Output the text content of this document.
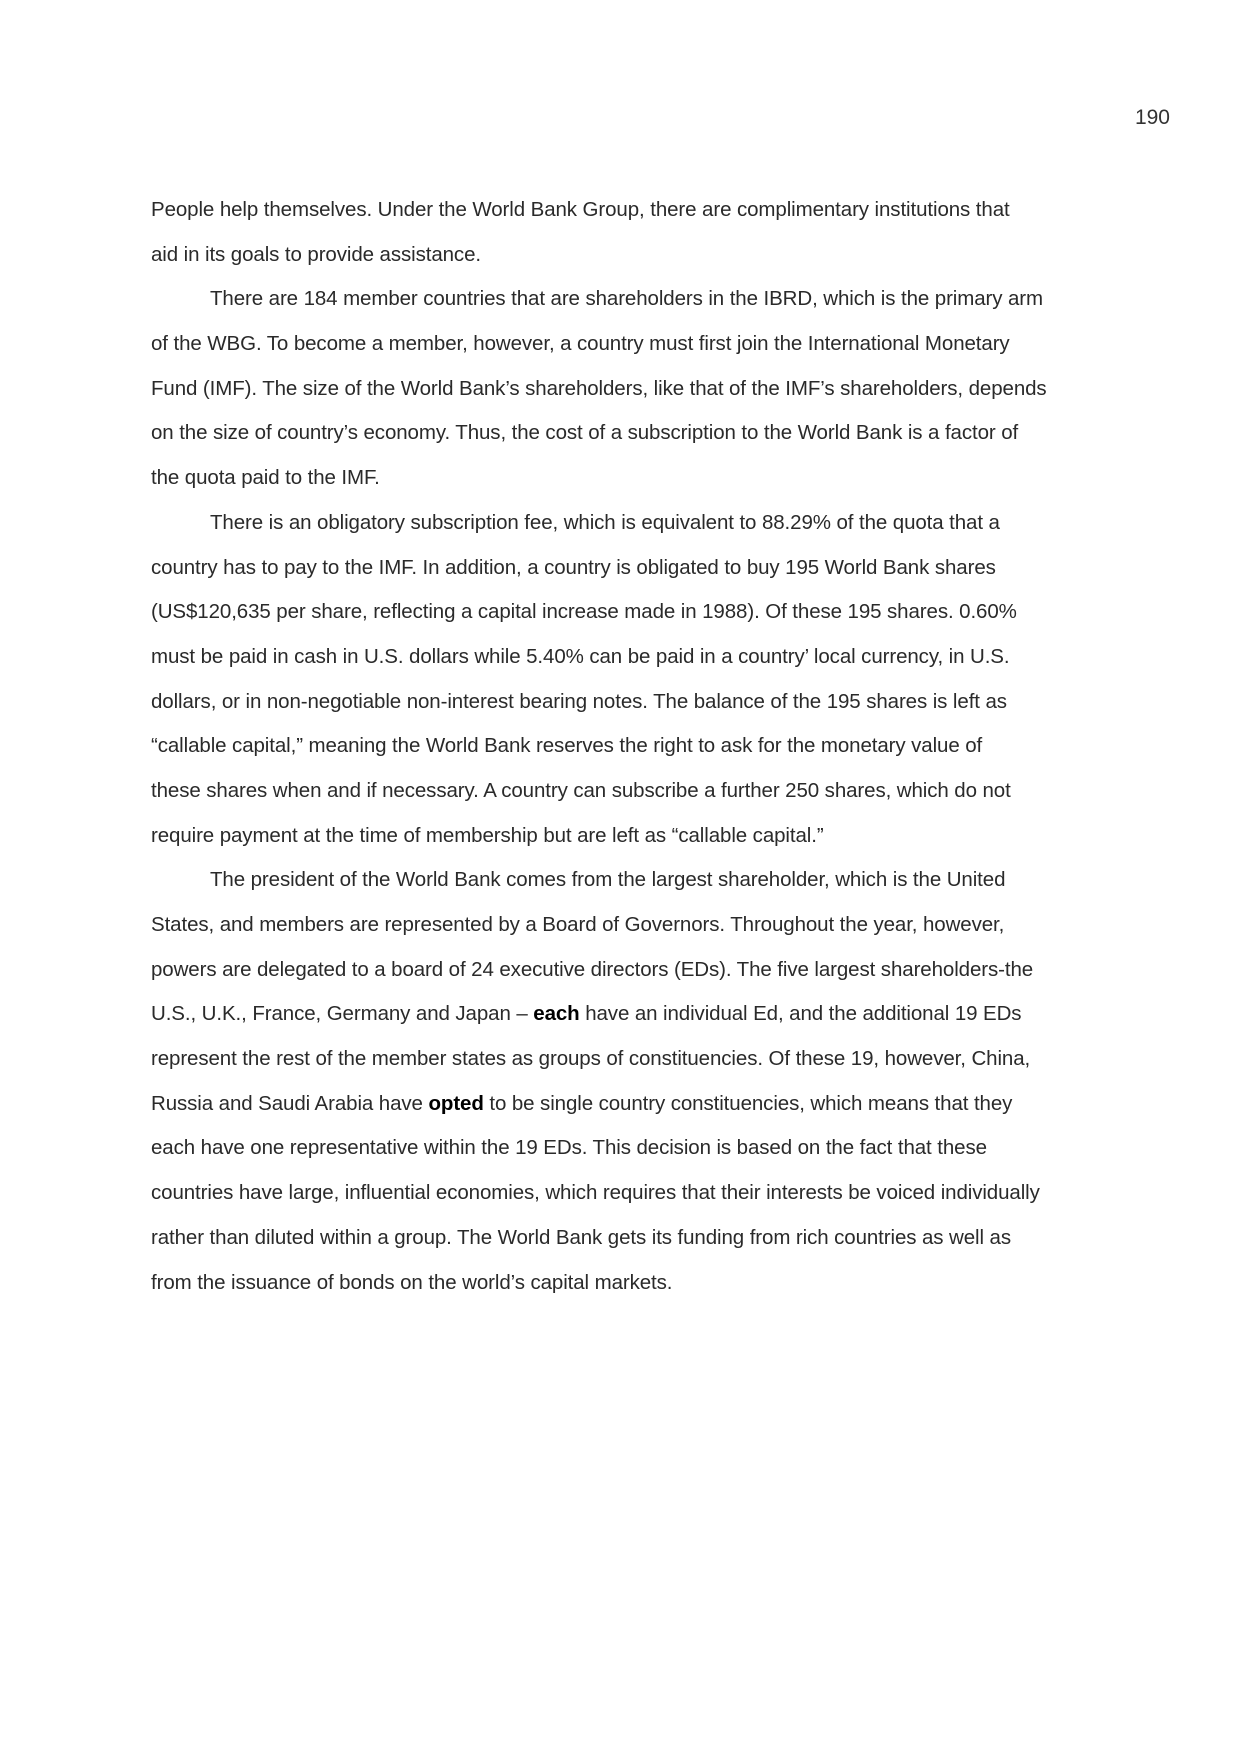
190
People help themselves. Under the World Bank Group, there are complimentary institutions that
aid in its goals to provide assistance.
There are 184 member countries that are shareholders in the IBRD, which is the primary arm
of the WBG. To become a member, however, a country must first join the International Monetary
Fund (IMF). The size of the World Bank’s shareholders, like that of the IMF’s shareholders, depends
on the size of country’s economy. Thus, the cost of a subscription to the World Bank is a factor of
the quota paid to the IMF.
There is an obligatory subscription fee, which is equivalent to 88.29% of the quota that a
country has to pay to the IMF. In addition, a country is obligated to buy 195 World Bank shares
(US$120,635 per share, reflecting a capital increase made in 1988). Of these 195 shares. 0.60%
must be paid in cash in U.S. dollars while 5.40% can be paid in a country’ local currency, in U.S.
dollars, or in non-negotiable non-interest bearing notes. The balance of the 195 shares is left as
“callable capital,” meaning the World Bank reserves the right to ask for the monetary value of
these shares when and if necessary. A country can subscribe a further 250 shares, which do not
require payment at the time of membership but are left as “callable capital.”
The president of the World Bank comes from the largest shareholder, which is the United
States, and members are represented by a Board of Governors. Throughout the year, however,
powers are delegated to a board of 24 executive directors (EDs). The five largest shareholders-the
U.S., U.K., France, Germany and Japan – each have an individual Ed, and the additional 19 EDs
represent the rest of the member states as groups of constituencies. Of these 19, however, China,
Russia and Saudi Arabia have opted to be single country constituencies, which means that they
each have one representative within the 19 EDs. This decision is based on the fact that these
countries have large, influential economies, which requires that their interests be voiced individually
rather than diluted within a group. The World Bank gets its funding from rich countries as well as
from the issuance of bonds on the world’s capital markets.
